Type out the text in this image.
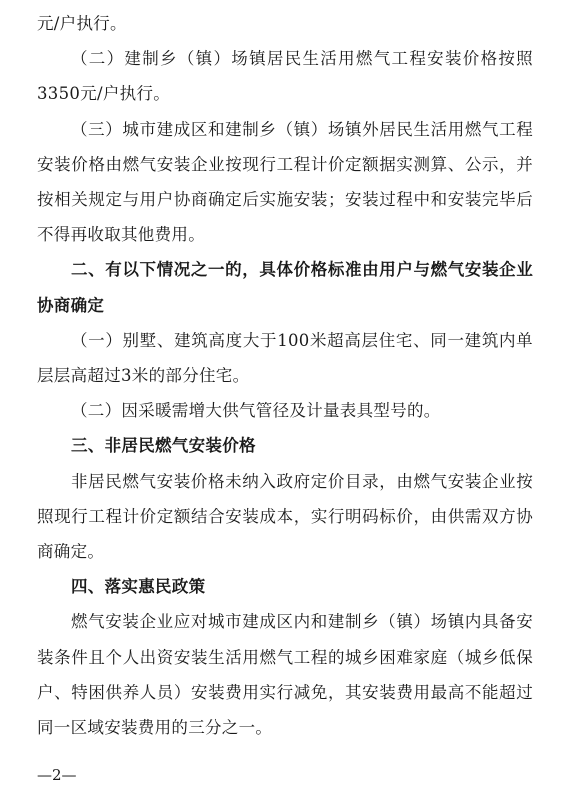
元/户执行。

（二）建制乡（镇）场镇居民生活用燃气工程安装价格按照3350元/户执行。

（三）城市建成区和建制乡（镇）场镇外居民生活用燃气工程安装价格由燃气安装企业按现行工程计价定额据实测算、公示，并按相关规定与用户协商确定后实施安装；安装过程中和安装完毕后不得再收取其他费用。

二、有以下情况之一的，具体价格标准由用户与燃气安装企业协商确定

（一）别墅、建筑高度大于100米超高层住宅、同一建筑内单层层高超过3米的部分住宅。

（二）因采暖需增大供气管径及计量表具型号的。

三、非居民燃气安装价格

非居民燃气安装价格未纳入政府定价目录，由燃气安装企业按照现行工程计价定额结合安装成本，实行明码标价，由供需双方协商确定。

四、落实惠民政策

燃气安装企业应对城市建成区内和建制乡（镇）场镇内具备安装条件且个人出资安装生活用燃气工程的城乡困难家庭（城乡低保户、特困供养人员）安装费用实行减免，其安装费用最高不能超过同一区域安装费用的三分之一。

—2—
